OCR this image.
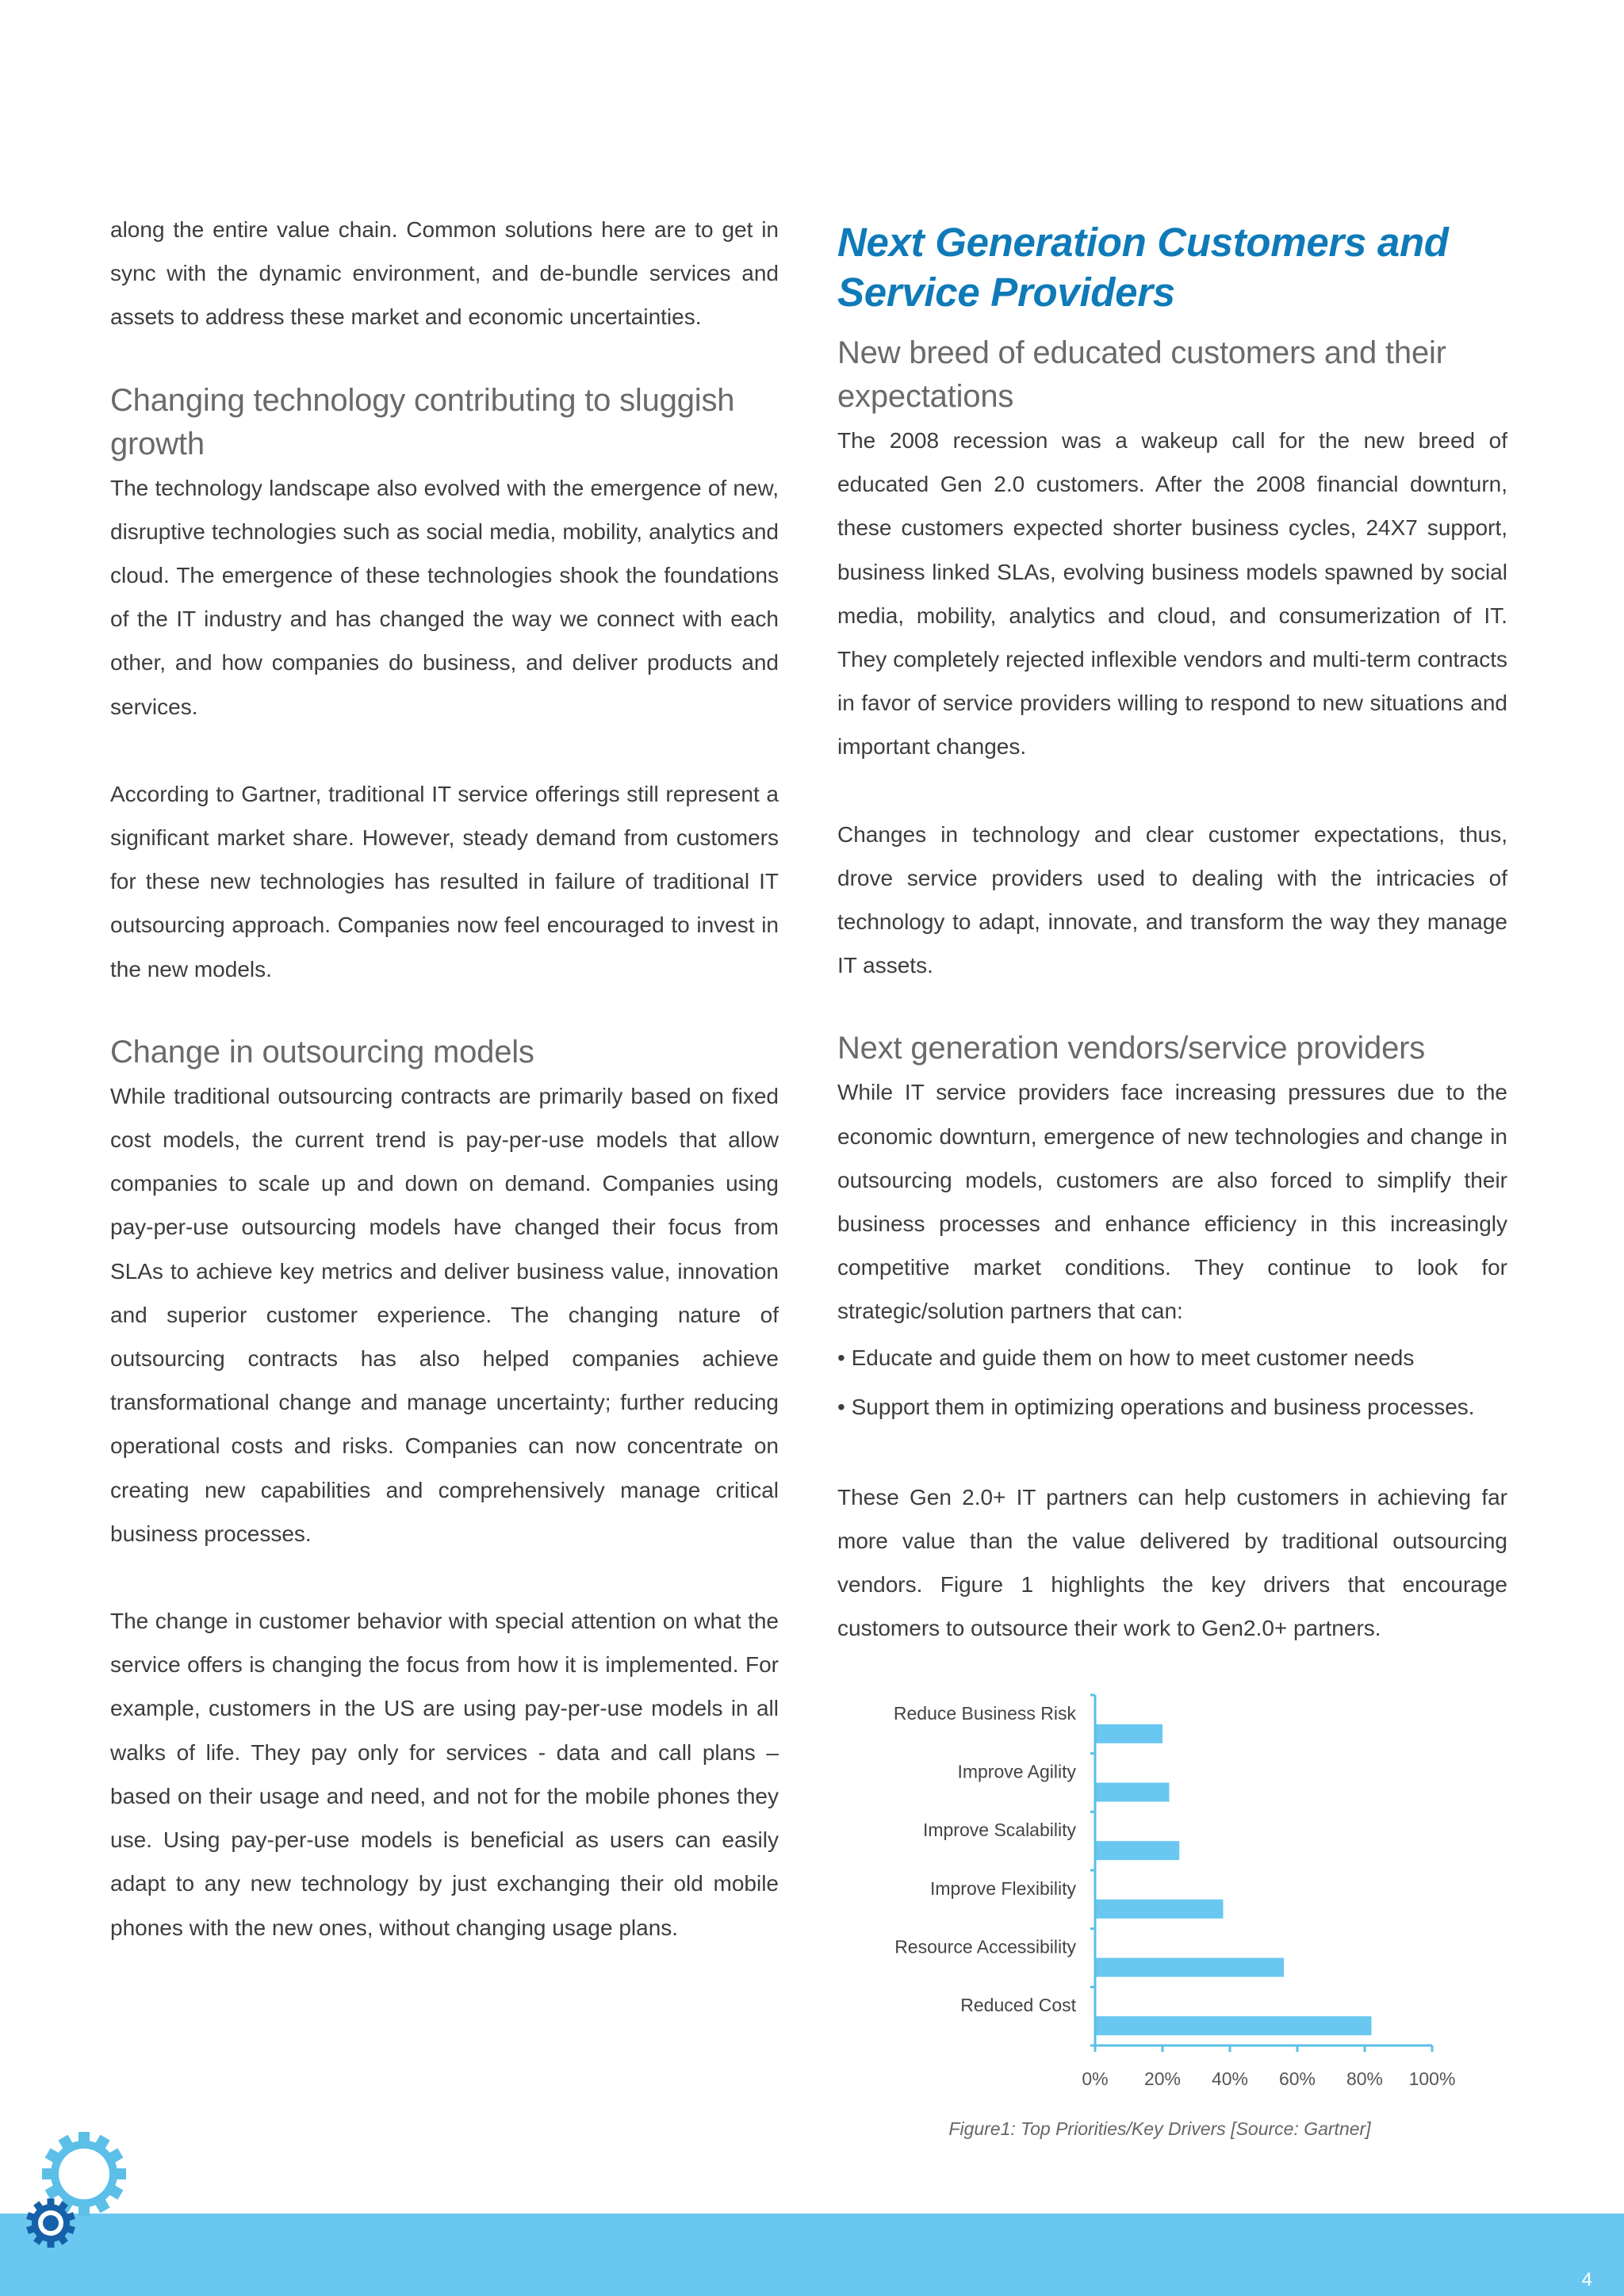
along the entire value chain. Common solutions here are to get in sync with the dynamic environment, and de-bundle services and assets to address these market and economic uncertainties.

Changing technology contributing to sluggish growth

The technology landscape also evolved with the emergence of new, disruptive technologies such as social media, mobility, analytics and cloud. The emergence of these technologies shook the foundations of the IT industry and has changed the way we connect with each other, and how companies do business, and deliver products and services.

According to Gartner, traditional IT service offerings still represent a significant market share. However, steady demand from customers for these new technologies has resulted in failure of traditional IT outsourcing approach. Companies now feel encouraged to invest in the new models.

Change in outsourcing models

While traditional outsourcing contracts are primarily based on fixed cost models, the current trend is pay-per-use models that allow companies to scale up and down on demand. Companies using pay-per-use outsourcing models have changed their focus from SLAs to achieve key metrics and deliver business value, innovation and superior customer experience. The changing nature of outsourcing contracts has also helped companies achieve transformational change and manage uncertainty; further reducing operational costs and risks. Companies can now concentrate on creating new capabilities and comprehensively manage critical business processes.

The change in customer behavior with special attention on what the service offers is changing the focus from how it is implemented. For example, customers in the US are using pay-per-use models in all walks of life. They pay only for services - data and call plans – based on their usage and need, and not for the mobile phones they use. Using pay-per-use models is beneficial as users can easily adapt to any new technology by just exchanging their old mobile phones with the new ones, without changing usage plans.

Next Generation Customers and Service Providers
New breed of educated customers and their expectations

The 2008 recession was a wakeup call for the new breed of educated Gen 2.0 customers. After the 2008 financial downturn, these customers expected shorter business cycles, 24X7 support, business linked SLAs, evolving business models spawned by social media, mobility, analytics and cloud, and consumerization of IT. They completely rejected inflexible vendors and multi-term contracts in favor of service providers willing to respond to new situations and important changes.

Changes in technology and clear customer expectations, thus, drove service providers used to dealing with the intricacies of technology to adapt, innovate, and transform the way they manage IT assets.

Next generation vendors/service providers

While IT service providers face increasing pressures due to the economic downturn, emergence of new technologies and change in outsourcing models, customers are also forced to simplify their business processes and enhance efficiency in this increasingly competitive market conditions. They continue to look for strategic/solution partners that can:

• Educate and guide them on how to meet customer needs

• Support them in optimizing operations and business processes.

These Gen 2.0+ IT partners can help customers in achieving far more value than the value delivered by traditional outsourcing vendors. Figure 1 highlights the key drivers that encourage customers to outsource their work to Gen2.0+ partners.

Reduce Business Risk
Improve Agility
Improve Scalability
Improve Flexibility
Resource Accessibility
Reduced Cost
0% 20% 40% 60% 80% 100%
Figure1: Top Priorities/Key Drivers [Source: Gartner]
4
